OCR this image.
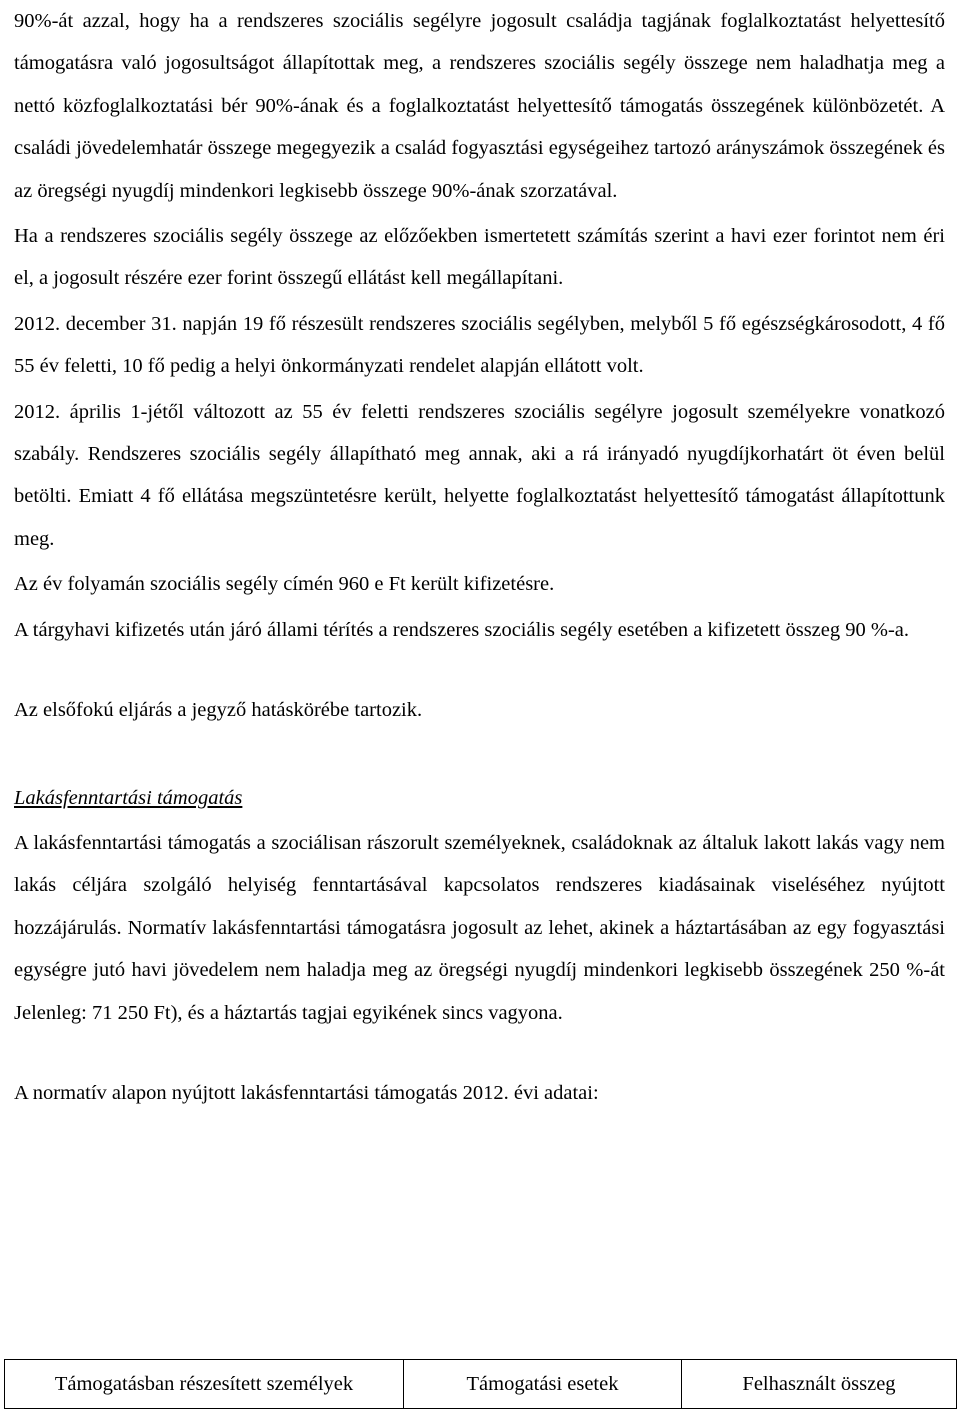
90%-át azzal, hogy ha a rendszeres szociális segélyre jogosult családja tagjának foglalkoztatást helyettesítő támogatásra való jogosultságot állapítottak meg, a rendszeres szociális segély összege nem haladhatja meg a nettó közfoglalkoztatási bér 90%-ának és a foglalkoztatást helyettesítő támogatás összegének különbözetét. A családi jövedelemhatár összege megegyezik a család fogyasztási egységeihez tartozó arányszámok összegének és az öregségi nyugdíj mindenkori legkisebb összege 90%-ának szorzatával.

Ha a rendszeres szociális segély összege az előzőekben ismertetett számítás szerint a havi ezer forintot nem éri el, a jogosult részére ezer forint összegű ellátást kell megállapítani.

2012. december 31. napján 19 fő részesült rendszeres szociális segélyben, melyből 5 fő egészségkárosodott, 4 fő 55 év feletti, 10 fő pedig a helyi önkormányzati rendelet alapján ellátott volt.

2012. április 1-jétől változott az 55 év feletti rendszeres szociális segélyre jogosult személyekre vonatkozó szabály. Rendszeres szociális segély állapítható meg annak, aki a rá irányadó nyugdíjkorhatárt öt éven belül betölti. Emiatt 4 fő ellátása megszüntetésre került, helyette foglalkoztatást helyettesítő támogatást állapítottunk meg.

Az év folyamán szociális segély címén 960 e Ft került kifizetésre.

A tárgyhavi kifizetés után járó állami térítés a rendszeres szociális segély esetében a kifizetett összeg 90 %-a.

Az elsőfokú eljárás a jegyző hatáskörébe tartozik.

Lakásfenntartási támogatás

A lakásfenntartási támogatás a szociálisan rászorult személyeknek, családoknak az általuk lakott lakás vagy nem lakás céljára szolgáló helyiség fenntartásával kapcsolatos rendszeres kiadásainak viseléséhez nyújtott hozzájárulás. Normatív lakásfenntartási támogatásra jogosult az lehet, akinek a háztartásában az egy fogyasztási egységre jutó havi jövedelem nem haladja meg az öregségi nyugdíj mindenkori legkisebb összegének 250 %-át Jelenleg: 71 250 Ft), és a háztartás tagjai egyikének sincs vagyona.

A normatív alapon nyújtott lakásfenntartási támogatás 2012. évi adatai:

Támogatásban részesített személyek	Támogatási esetek	Felhasznált összeg
